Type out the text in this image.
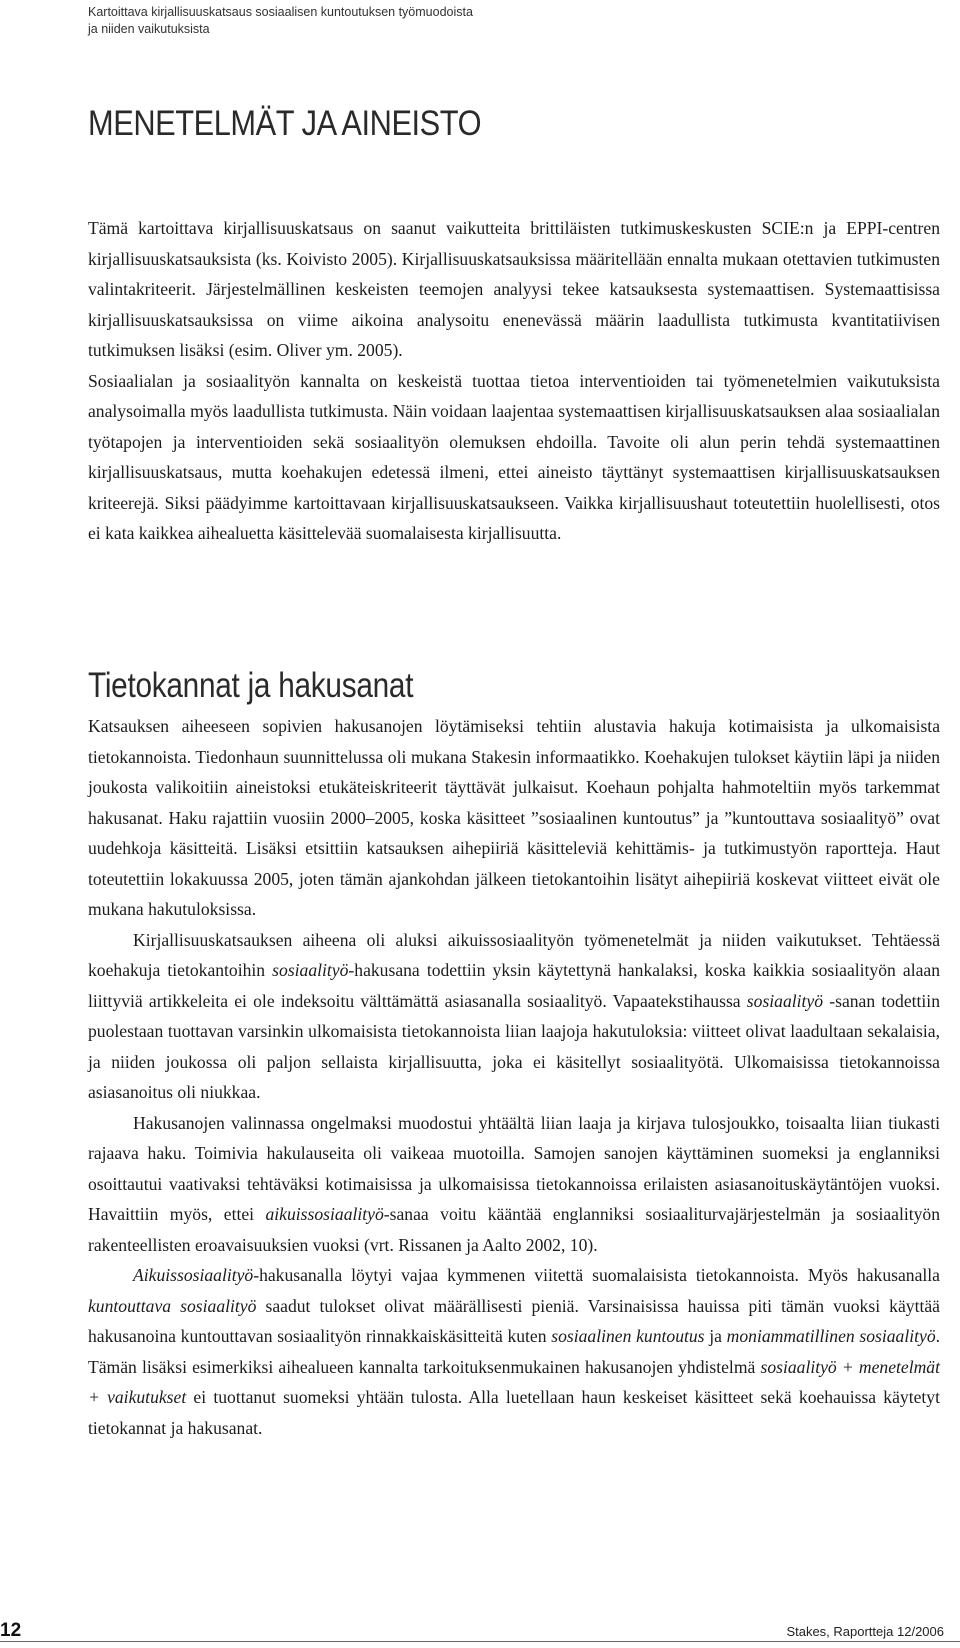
Kartoittava kirjallisuuskatsaus sosiaalisen kuntoutuksen työmuodoista
ja niiden vaikutuksista
MENETELMÄT JA AINEISTO

Tämä kartoittava kirjallisuuskatsaus on saanut vaikutteita brittiläisten tutkimuskeskusten SCIE:n ja EPPI-centren kirjallisuuskatsauksista (ks. Koivisto 2005). Kirjallisuuskatsauksissa määritellään ennalta mukaan otettavien tutkimusten valintakriteerit. Järjestelmällinen keskeisten teemojen analyysi tekee katsauksesta systemaattisen. Systemaattisissa kirjallisuuskatsauksissa on viime aikoina analysoitu enenevässä määrin laadullista tutkimusta kvantitatiivisen tutkimuksen lisäksi (esim. Oliver ym. 2005).

Sosiaalialan ja sosiaalityön kannalta on keskeistä tuottaa tietoa interventioiden tai työmenetelmien vaikutuksista analysoimalla myös laadullista tutkimusta. Näin voidaan laajentaa systemaattisen kirjallisuuskatsauksen alaa sosiaalialan työtapojen ja interventioiden sekä sosiaalityön olemuksen ehdoilla. Tavoite oli alun perin tehdä systemaattinen kirjallisuuskatsaus, mutta koehakujen edetessä ilmeni, ettei aineisto täyttänyt systemaattisen kirjallisuuskatsauksen kriteerejä. Siksi päädyimme kartoittavaan kirjallisuuskatsaukseen. Vaikka kirjallisuushaut toteutettiin huolellisesti, otos ei kata kaikkea aihealuetta käsittelevää suomalaisesta kirjallisuutta.

Tietokannat ja hakusanat

Katsauksen aiheeseen sopivien hakusanojen löytämiseksi tehtiin alustavia hakuja kotimaisista ja ulkomaisista tietokannoista. Tiedonhaun suunnittelussa oli mukana Stakesin informaatikko. Koehakujen tulokset käytiin läpi ja niiden joukosta valikoitiin aineistoksi etukäteiskriteerit täyttävät julkaisut. Koehaun pohjalta hahmoteltiin myös tarkemmat hakusanat. Haku rajattiin vuosiin 2000–2005, koska käsitteet ”sosiaalinen kuntoutus” ja ”kuntouttava sosiaalityö” ovat uudehkoja käsitteitä. Lisäksi etsittiin katsauksen aihepiiriä käsitteleviä kehittämis- ja tutkimustyön raportteja. Haut toteutettiin lokakuussa 2005, joten tämän ajankohdan jälkeen tietokantoihin lisätyt aihepiiriä koskevat viitteet eivät ole mukana hakutuloksissa.

Kirjallisuuskatsauksen aiheena oli aluksi aikuissosiaalityön työmenetelmät ja niiden vaikutukset. Tehtäessä koehakuja tietokantoihin sosiaalityö-hakusana todettiin yksin käytettynä hankalaksi, koska kaikkia sosiaalityön alaan liittyviä artikkeleita ei ole indeksoitu välttämättä asiasanalla sosiaalityö. Vapaatekstihaussa sosiaalityö -sanan todettiin puolestaan tuottavan varsinkin ulkomaisista tietokannoista liian laajoja hakutuloksia: viitteet olivat laadultaan sekalaisia, ja niiden joukossa oli paljon sellaista kirjallisuutta, joka ei käsitellyt sosiaalityötä. Ulkomaisissa tietokannoissa asiasanoitus oli niukkaa.

Hakusanojen valinnassa ongelmaksi muodostui yhtäältä liian laaja ja kirjava tulosjoukko, toisaalta liian tiukasti rajaava haku. Toimivia hakulauseita oli vaikeaa muotoilla. Samojen sanojen käyttäminen suomeksi ja englanniksi osoittautui vaativaksi tehtäväksi kotimaisissa ja ulkomaisissa tietokannoissa erilaisten asiasanoituskäytäntöjen vuoksi. Havaittiin myös, ettei aikuissosiaalityö-sanaa voitu kääntää englanniksi sosiaaliturvajärjestelmän ja sosiaalityön rakenteellisten eroavaisuuksien vuoksi (vrt. Rissanen ja Aalto 2002, 10).

Aikuissosiaalityö-hakusanalla löytyi vajaa kymmenen viitettä suomalaisista tietokannoista. Myös hakusanalla kuntouttava sosiaalityö saadut tulokset olivat määrällisesti pieniä. Varsinaisissa hauissa piti tämän vuoksi käyttää hakusanoina kuntouttavan sosiaalityön rinnakkaiskäsitteitä kuten sosiaalinen kuntoutus ja moniammatillinen sosiaalityö. Tämän lisäksi esimerkiksi aihealueen kannalta tarkoituksenmukainen hakusanojen yhdistelmä sosiaalityö + menetelmät + vaikutukset ei tuottanut suomeksi yhtään tulosta. Alla luetellaan haun keskeiset käsitteet sekä koehauissa käytetyt tietokannat ja hakusanat.

12	Stakes, Raportteja 12/2006
